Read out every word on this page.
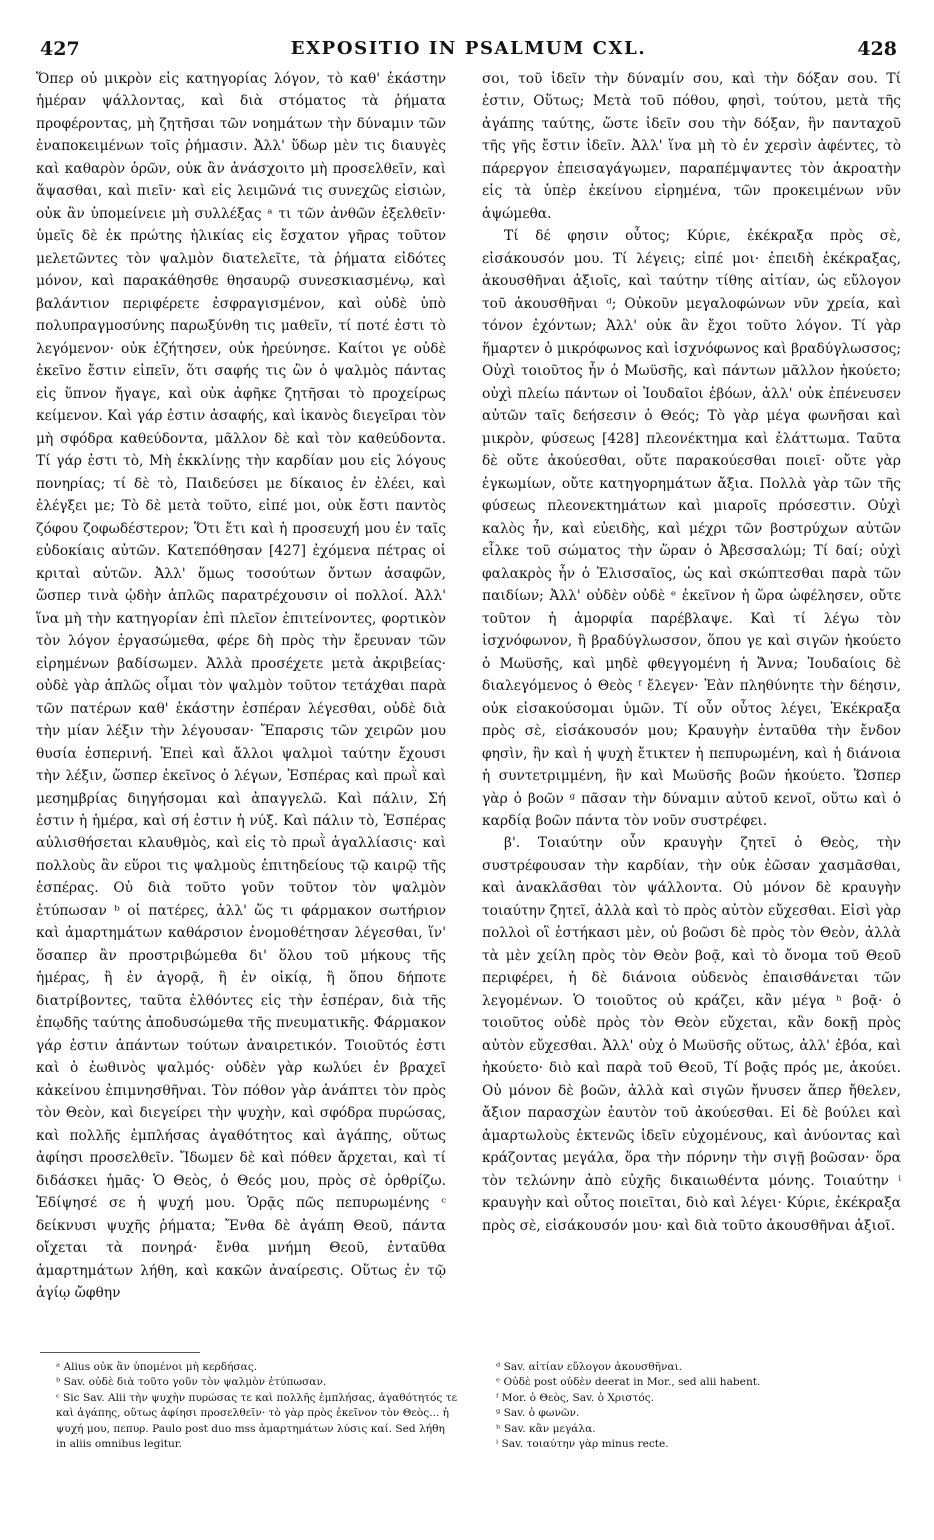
427	EXPOSITIO IN PSALMUM CXL.	428

Ὅπερ οὐ μικρὸν εἰς κατηγορίας λόγον, τὸ καθ' ἑκάστην ἡμέραν ψάλλοντας, καὶ διὰ στόματος τὰ ῥήματα προφέροντας, μὴ ζητῆσαι τῶν νοημάτων τὴν δύναμιν τῶν ἐναποκειμένων τοῖς ῥήμασιν. Ἀλλ' ὕδωρ μὲν τις διαυγὲς καὶ καθαρὸν ὁρῶν, οὐκ ἂν ἀνάσχοιτο μὴ προσελθεῖν, καὶ ἅψασθαι, καὶ πιεῖν· καὶ εἰς λειμῶνά τις συνεχῶς εἰσιὼν, οὐκ ἂν ὑπομείνειε μὴ συλλέξας ᵃ τι τῶν ἀνθῶν ἐξελθεῖν· ὑμεῖς δὲ ἐκ πρώτης ἡλικίας εἰς ἔσχατον γῆρας τοῦτον μελετῶντες τὸν ψαλμὸν διατελεῖτε, τὰ ῥήματα εἰδότες μόνον, καὶ παρακάθησθε θησαυρῷ συνεσκιασμένῳ, καὶ βαλάντιον περιφέρετε ἐσφραγισμένον, καὶ οὐδὲ ὑπὸ πολυπραγμοσύνης παρωξύνθη τις μαθεῖν, τί ποτέ ἐστι τὸ λεγόμενον· οὐκ ἐζήτησεν, οὐκ ἠρεύνησε. Καίτοι γε οὐδὲ ἐκεῖνο ἔστιν εἰπεῖν, ὅτι σαφής τις ὢν ὁ ψαλμὸς πάντας εἰς ὕπνον ἤγαγε, καὶ οὐκ ἀφῆκε ζητῆσαι τὸ προχείρως κείμενον. Καὶ γάρ ἐστιν ἀσαφής, καὶ ἱκανὸς διεγεῖραι τὸν μὴ σφόδρα καθεύδοντα, μᾶλλον δὲ καὶ τὸν καθεύδοντα. Τί γάρ ἐστι τὸ, Μὴ ἐκκλίνῃς τὴν καρδίαν μου εἰς λόγους πονηρίας; τί δὲ τὸ, Παιδεύσει με δίκαιος ἐν ἐλέει, καὶ ἐλέγξει με; Τὸ δὲ μετὰ τοῦτο, εἰπέ μοι, οὐκ ἔστι παντὸς ζόφου ζοφωδέστερον; Ὅτι ἔτι καὶ ἡ προσευχή μου ἐν ταῖς εὐδοκίαις αὐτῶν. Κατεπόθησαν [427] ἐχόμενα πέτρας οἱ κριταὶ αὐτῶν. Ἀλλ' ὅμως τοσούτων ὄντων ἀσαφῶν, ὥσπερ τινὰ ᾠδὴν ἁπλῶς παρατρέχουσιν οἱ πολλοί. Ἀλλ' ἵνα μὴ τὴν κατηγορίαν ἐπὶ πλεῖον ἐπιτείνοντες, φορτικὸν τὸν λόγον ἐργασώμεθα, φέρε δὴ πρὸς τὴν ἔρευναν τῶν εἰρημένων βαδίσωμεν. Ἀλλὰ προσέχετε μετὰ ἀκριβείας· οὐδὲ γὰρ ἁπλῶς οἶμαι τὸν ψαλμὸν τοῦτον τετάχθαι παρὰ τῶν πατέρων καθ' ἑκάστην ἑσπέραν λέγεσθαι, οὐδὲ διὰ τὴν μίαν λέξιν τὴν λέγουσαν· Ἔπαρσις τῶν χειρῶν μου θυσία ἑσπερινή. Ἐπεὶ καὶ ἄλλοι ψαλμοὶ ταύτην ἔχουσι τὴν λέξιν, ὥσπερ ἐκεῖνος ὁ λέγων, Ἑσπέρας καὶ πρωῒ καὶ μεσημβρίας διηγήσομαι καὶ ἀπαγγελῶ. Καὶ πάλιν, Σή ἐστιν ἡ ἡμέρα, καὶ σή ἐστιν ἡ νύξ. Καὶ πάλιν τὸ, Ἑσπέρας αὐλισθήσεται κλαυθμὸς, καὶ εἰς τὸ πρωῒ ἀγαλλίασις· καὶ πολλοὺς ἂν εὕροι τις ψαλμοὺς ἐπιτηδείους τῷ καιρῷ τῆς ἑσπέρας. Οὐ διὰ τοῦτο γοῦν τοῦτον τὸν ψαλμὸν ἐτύπωσαν ᵇ οἱ πατέρες, ἀλλ' ὥς τι φάρμακον σωτήριον καὶ ἁμαρτημάτων καθάρσιον ἐνομοθέτησαν λέγεσθαι, ἵν' ὅσαπερ ἂν προστριβώμεθα δι' ὅλου τοῦ μήκους τῆς ἡμέρας, ἢ ἐν ἀγορᾷ, ἢ ἐν οἰκίᾳ, ἢ ὅπου δήποτε διατρίβοντες, ταῦτα ἐλθόντες εἰς τὴν ἑσπέραν, διὰ τῆς ἐπῳδῆς ταύτης ἀποδυσώμεθα τῆς πνευματικῆς. Φάρμακον γάρ ἐστιν ἁπάντων τούτων ἀναιρετικόν. Τοιοῦτός ἐστι καὶ ὁ ἑωθινὸς ψαλμός· οὐδὲν γὰρ κωλύει ἐν βραχεῖ κἀκείνου ἐπιμνησθῆναι. Τὸν πόθον γὰρ ἀνάπτει τὸν πρὸς τὸν Θεὸν, καὶ διεγείρει τὴν ψυχὴν, καὶ σφόδρα πυρώσας, καὶ πολλῆς ἐμπλήσας ἀγαθότητος καὶ ἀγάπης, οὕτως ἀφίησι προσελθεῖν. Ἴδωμεν δὲ καὶ πόθεν ἄρχεται, καὶ τί διδάσκει ἡμᾶς· Ὁ Θεὸς, ὁ Θεός μου, πρὸς σὲ ὀρθρίζω. Ἐδίψησέ σε ἡ ψυχή μου. Ὁρᾷς πῶς πεπυρωμένης ᶜ δείκνυσι ψυχῆς ῥήματα; Ἔνθα δὲ ἀγάπη Θεοῦ, πάντα οἴχεται τὰ πονηρά· ἔνθα μνήμη Θεοῦ, ἐνταῦθα ἁμαρτημάτων λήθη, καὶ κακῶν ἀναίρεσις. Οὕτως ἐν τῷ ἁγίῳ ὤφθην

σοι, τοῦ ἰδεῖν τὴν δύναμίν σου, καὶ τὴν δόξαν σου. Τί ἐστιν, Οὕτως; Μετὰ τοῦ πόθου, φησὶ, τούτου, μετὰ τῆς ἀγάπης ταύτης, ὥστε ἰδεῖν σου τὴν δόξαν, ἣν πανταχοῦ τῆς γῆς ἔστιν ἰδεῖν. Ἀλλ' ἵνα μὴ τὸ ἐν χερσὶν ἀφέντες, τὸ πάρεργον ἐπεισαγάγωμεν, παραπέμψαντες τὸν ἀκροατὴν εἰς τὰ ὑπὲρ ἐκείνου εἰρημένα, τῶν προκειμένων νῦν ἁψώμεθα.

Τί δέ φησιν οὗτος; Κύριε, ἐκέκραξα πρὸς σὲ, εἰσάκουσόν μου. Τί λέγεις; εἰπέ μοι· ἐπειδὴ ἐκέκραξας, ἀκουσθῆναι ἀξιοῖς, καὶ ταύτην τίθης αἰτίαν, ὡς εὔλογον τοῦ ἀκουσθῆναι ᵈ; Οὐκοῦν μεγαλοφώνων νῦν χρεία, καὶ τόνον ἐχόντων; Ἀλλ' οὐκ ἂν ἔχοι τοῦτο λόγον. Τί γὰρ ἥμαρτεν ὁ μικρόφωνος καὶ ἰσχνόφωνος καὶ βραδύγλωσσος; Οὐχὶ τοιοῦτος ἦν ὁ Μωϋσῆς, καὶ πάντων μᾶλλον ἠκούετο; οὐχὶ πλείω πάντων οἱ Ἰουδαῖοι ἐβόων, ἀλλ' οὐκ ἐπένευσεν αὐτῶν ταῖς δεήσεσιν ὁ Θεός; Τὸ γὰρ μέγα φωνῆσαι καὶ μικρὸν, φύσεως [428] πλεονέκτημα καὶ ἐλάττωμα. Ταῦτα δὲ οὔτε ἀκούεσθαι, οὔτε παρακούεσθαι ποιεῖ· οὔτε γὰρ ἐγκωμίων, οὔτε κατηγορημάτων ἄξια. Πολλὰ γὰρ τῶν τῆς φύσεως πλεονεκτημάτων καὶ μιαροῖς πρόσεστιν. Οὐχὶ καλὸς ἦν, καὶ εὐειδὴς, καὶ μέχρι τῶν βοστρύχων αὐτῶν εἷλκε τοῦ σώματος τὴν ὥραν ὁ Ἀβεσσαλώμ; Τί δαί; οὐχὶ φαλακρὸς ἦν ὁ Ἐλισσαῖος, ὡς καὶ σκώπτεσθαι παρὰ τῶν παιδίων; Ἀλλ' οὐδὲν οὐδὲ ᵉ ἐκεῖνον ἡ ὥρα ὠφέλησεν, οὔτε τοῦτον ἡ ἀμορφία παρέβλαψε. Καὶ τί λέγω τὸν ἰσχνόφωνον, ἢ βραδύγλωσσον, ὅπου γε καὶ σιγῶν ἠκούετο ὁ Μωϋσῆς, καὶ μηδὲ φθεγγομένη ἡ Ἄννα; Ἰουδαίοις δὲ διαλεγόμενος ὁ Θεὸς ᶠ ἔλεγεν· Ἐὰν πληθύνητε τὴν δέησιν, οὐκ εἰσακούσομαι ὑμῶν. Τί οὖν οὗτος λέγει, Ἐκέκραξα πρὸς σὲ, εἰσάκουσόν μου; Κραυγὴν ἐνταῦθα τὴν ἔνδον φησὶν, ἣν καὶ ἡ ψυχὴ ἔτικτεν ἡ πεπυρωμένη, καὶ ἡ διάνοια ἡ συντετριμμένη, ἣν καὶ Μωϋσῆς βοῶν ἠκούετο. Ὥσπερ γὰρ ὁ βοῶν ᵍ πᾶσαν τὴν δύναμιν αὐτοῦ κενοῖ, οὕτω καὶ ὁ καρδίᾳ βοῶν πάντα τὸν νοῦν συστρέφει.

β'. Τοιαύτην οὖν κραυγὴν ζητεῖ ὁ Θεὸς, τὴν συστρέφουσαν τὴν καρδίαν, τὴν οὐκ ἐῶσαν χασμᾶσθαι, καὶ ἀνακλᾶσθαι τὸν ψάλλοντα. Οὐ μόνον δὲ κραυγὴν τοιαύτην ζητεῖ, ἀλλὰ καὶ τὸ πρὸς αὐτὸν εὔχεσθαι. Εἰσὶ γὰρ πολλοὶ οἳ ἑστήκασι μὲν, οὐ βοῶσι δὲ πρὸς τὸν Θεὸν, ἀλλὰ τὰ μὲν χείλη πρὸς τὸν Θεὸν βοᾷ, καὶ τὸ ὄνομα τοῦ Θεοῦ περιφέρει, ἡ δὲ διάνοια οὐδενὸς ἐπαισθάνεται τῶν λεγομένων. Ὁ τοιοῦτος οὐ κράζει, κἂν μέγα ʰ βοᾷ· ὁ τοιοῦτος οὐδὲ πρὸς τὸν Θεὸν εὔχεται, κἂν δοκῇ πρὸς αὐτὸν εὔχεσθαι. Ἀλλ' οὐχ ὁ Μωϋσῆς οὕτως, ἀλλ' ἐβόα, καὶ ἠκούετο· διὸ καὶ παρὰ τοῦ Θεοῦ, Τί βοᾷς πρός με, ἀκούει. Οὐ μόνον δὲ βοῶν, ἀλλὰ καὶ σιγῶν ἤνυσεν ἅπερ ἤθελεν, ἄξιον παρασχὼν ἑαυτὸν τοῦ ἀκούεσθαι. Εἰ δὲ βούλει καὶ ἁμαρτωλοὺς ἐκτενῶς ἰδεῖν εὐχομένους, καὶ ἀνύοντας καὶ κράζοντας μεγάλα, ὅρα τὴν πόρνην τὴν σιγῇ βοῶσαν· ὅρα τὸν τελώνην ἀπὸ εὐχῆς δικαιωθέντα μόνης. Τοιαύτην ⁱ κραυγὴν καὶ οὗτος ποιεῖται, διὸ καὶ λέγει· Κύριε, ἐκέκραξα πρὸς σὲ, εἰσάκουσόν μου· καὶ διὰ τοῦτο ἀκουσθῆναι ἀξιοῖ.

ᵃ Alius οὐκ ἂν ὑπομένοι μὴ κερδήσας.

ᵇ Sav. οὐδὲ διὰ τοῦτο γοῦν τὸν ψαλμὸν ἐτύπωσαν.

ᶜ Sic Sav. Alii τὴν ψυχὴν πυρώσας τε καὶ πολλῆς ἐμπλήσας, ἀγαθότητός τε καὶ ἀγάπης, οὕτως ἀφίησι προσελθεῖν· τὸ γὰρ πρὸς ἐκεῖνον τὸν Θεὸς... ἡ ψυχή μου, πεπυρ. Paulo post duo mss ἁμαρτημάτων λύσις καί. Sed λήθη in aliis omnibus legitur.

ᵈ Sav. αἰτίαν εὔλογον ἀκουσθῆναι.

ᵉ Οὐδὲ post οὐδὲν deerat in Mor., sed alii habent.

ᶠ Mor. ὁ Θεὸς, Sav. ὁ Χριστός.

ᵍ Sav. ὁ φωνῶν.

ʰ Sav. κἂν μεγάλα.

ⁱ Sav. τοιαύτην γὰρ minus recte.
